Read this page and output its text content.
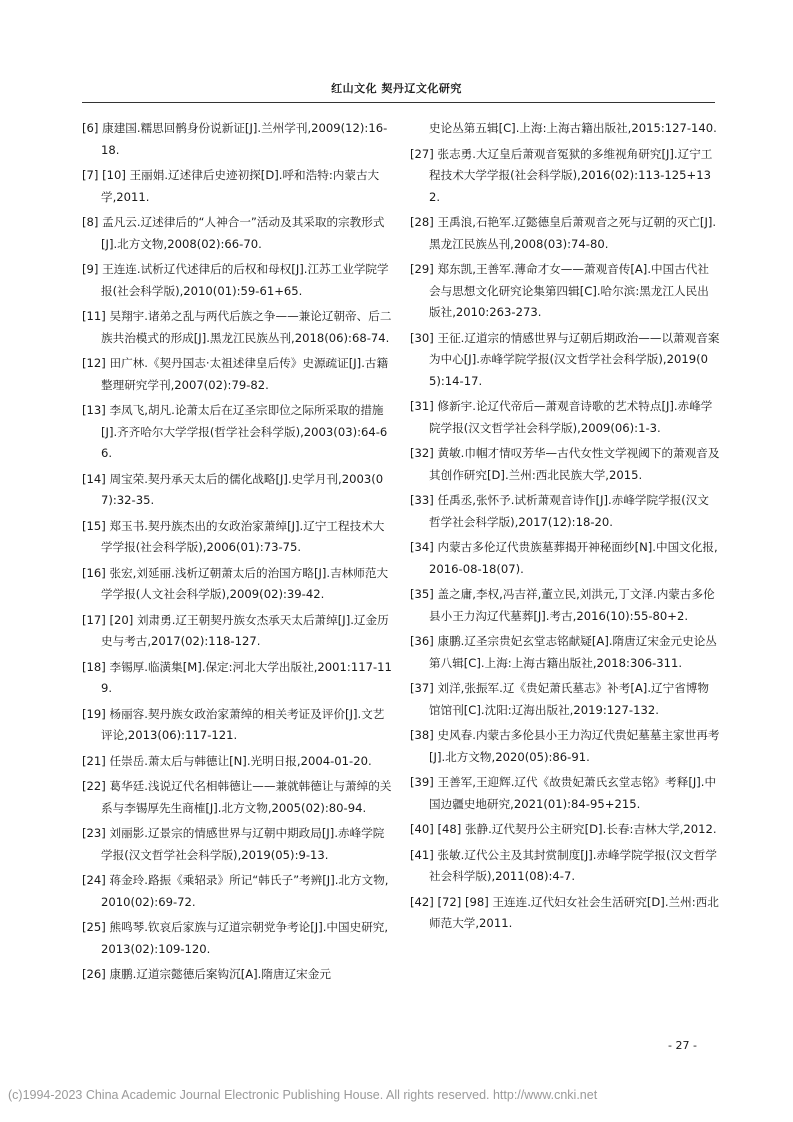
红山文化 契丹辽文化研究

[6] 康建国.糯思回鹘身份说新证[J].兰州学刊,2009(12):16-18.

[7] [10] 王丽娟.辽述律后史迹初探[D].呼和浩特:内蒙古大学,2011.

[8] 孟凡云.辽述律后的“人神合一”活动及其采取的宗教形式[J].北方文物,2008(02):66-70.

[9] 王连连.试析辽代述律后的后权和母权[J].江苏工业学院学报(社会科学版),2010(01):59-61+65.

[11] 吴翔宇.诸弟之乱与两代后族之争——兼论辽朝帝、后二族共治模式的形成[J].黑龙江民族丛刊,2018(06):68-74.

[12] 田广林.《契丹国志·太祖述律皇后传》史源疏证[J].古籍整理研究学刊,2007(02):79-82.

[13] 李凤飞,胡凡.论萧太后在辽圣宗即位之际所采取的措施[J].齐齐哈尔大学学报(哲学社会科学版),2003(03):64-66.

[14] 周宝荣.契丹承天太后的儒化战略[J].史学月刊,2003(07):32-35.

[15] 郑玉书.契丹族杰出的女政治家萧绰[J].辽宁工程技术大学学报(社会科学版),2006(01):73-75.

[16] 张宏,刘延丽.浅析辽朝萧太后的治国方略[J].吉林师范大学学报(人文社会科学版),2009(02):39-42.

[17] [20] 刘肃勇.辽王朝契丹族女杰承天太后萧绰[J].辽金历史与考古,2017(02):118-127.

[18] 李锡厚.临潢集[M].保定:河北大学出版社,2001:117-119.

[19] 杨丽容.契丹族女政治家萧绰的相关考证及评价[J].文艺评论,2013(06):117-121.

[21] 任崇岳.萧太后与韩德让[N].光明日报,2004-01-20.

[22] 葛华廷.浅说辽代名相韩德让——兼就韩德让与萧绰的关系与李锡厚先生商榷[J].北方文物,2005(02):80-94.

[23] 刘丽影.辽景宗的情感世界与辽朝中期政局[J].赤峰学院学报(汉文哲学社会科学版),2019(05):9-13.

[24] 蒋金玲.路振《乘轺录》所记“韩氏子”考辨[J].北方文物,2010(02):69-72.

[25] 熊鸣琴.钦哀后家族与辽道宗朝党争考论[J].中国史研究,2013(02):109-120.

[26] 康鹏.辽道宗懿德后案钩沉[A].隋唐辽宋金元

史论丛第五辑[C].上海:上海古籍出版社,2015:127-140.

[27] 张志勇.大辽皇后萧观音冤狱的多维视角研究[J].辽宁工程技术大学学报(社会科学版),2016(02):113-125+132.

[28] 王禹浪,石艳军.辽懿德皇后萧观音之死与辽朝的灭亡[J].黑龙江民族丛刊,2008(03):74-80.

[29] 郑东凯,王善军.薄命才女——萧观音传[A].中国古代社会与思想文化研究论集第四辑[C].哈尔滨:黑龙江人民出版社,2010:263-273.

[30] 王征.辽道宗的情感世界与辽朝后期政治——以萧观音案为中心[J].赤峰学院学报(汉文哲学社会科学版),2019(05):14-17.

[31] 修新宇.论辽代帝后—萧观音诗歌的艺术特点[J].赤峰学院学报(汉文哲学社会科学版),2009(06):1-3.

[32] 黄敏.巾帼才情叹芳华—古代女性文学视阈下的萧观音及其创作研究[D].兰州:西北民族大学,2015.

[33] 任禹丞,张怀予.试析萧观音诗作[J].赤峰学院学报(汉文哲学社会科学版),2017(12):18-20.

[34] 内蒙古多伦辽代贵族墓葬揭开神秘面纱[N].中国文化报,2016-08-18(07).

[35] 盖之庸,李权,冯吉祥,董立民,刘洪元,丁文泽.内蒙古多伦县小王力沟辽代墓葬[J].考古,2016(10):55-80+2.

[36] 康鹏.辽圣宗贵妃玄堂志铭献疑[A].隋唐辽宋金元史论丛第八辑[C].上海:上海古籍出版社,2018:306-311.

[37] 刘洋,张振军.辽《贵妃萧氏墓志》补考[A].辽宁省博物馆馆刊[C].沈阳:辽海出版社,2019:127-132.

[38] 史风春.内蒙古多伦县小王力沟辽代贵妃墓墓主家世再考[J].北方文物,2020(05):86-91.

[39] 王善军,王迎辉.辽代《故贵妃萧氏玄堂志铭》考释[J].中国边疆史地研究,2021(01):84-95+215.

[40] [48] 张静.辽代契丹公主研究[D].长春:吉林大学,2012.

[41] 张敏.辽代公主及其封赏制度[J].赤峰学院学报(汉文哲学社会科学版),2011(08):4-7.

[42] [72] [98] 王连连.辽代妇女社会生活研究[D].兰州:西北师范大学,2011.

- 27 -
(c)1994-2023 China Academic Journal Electronic Publishing House. All rights reserved. http://www.cnki.net
